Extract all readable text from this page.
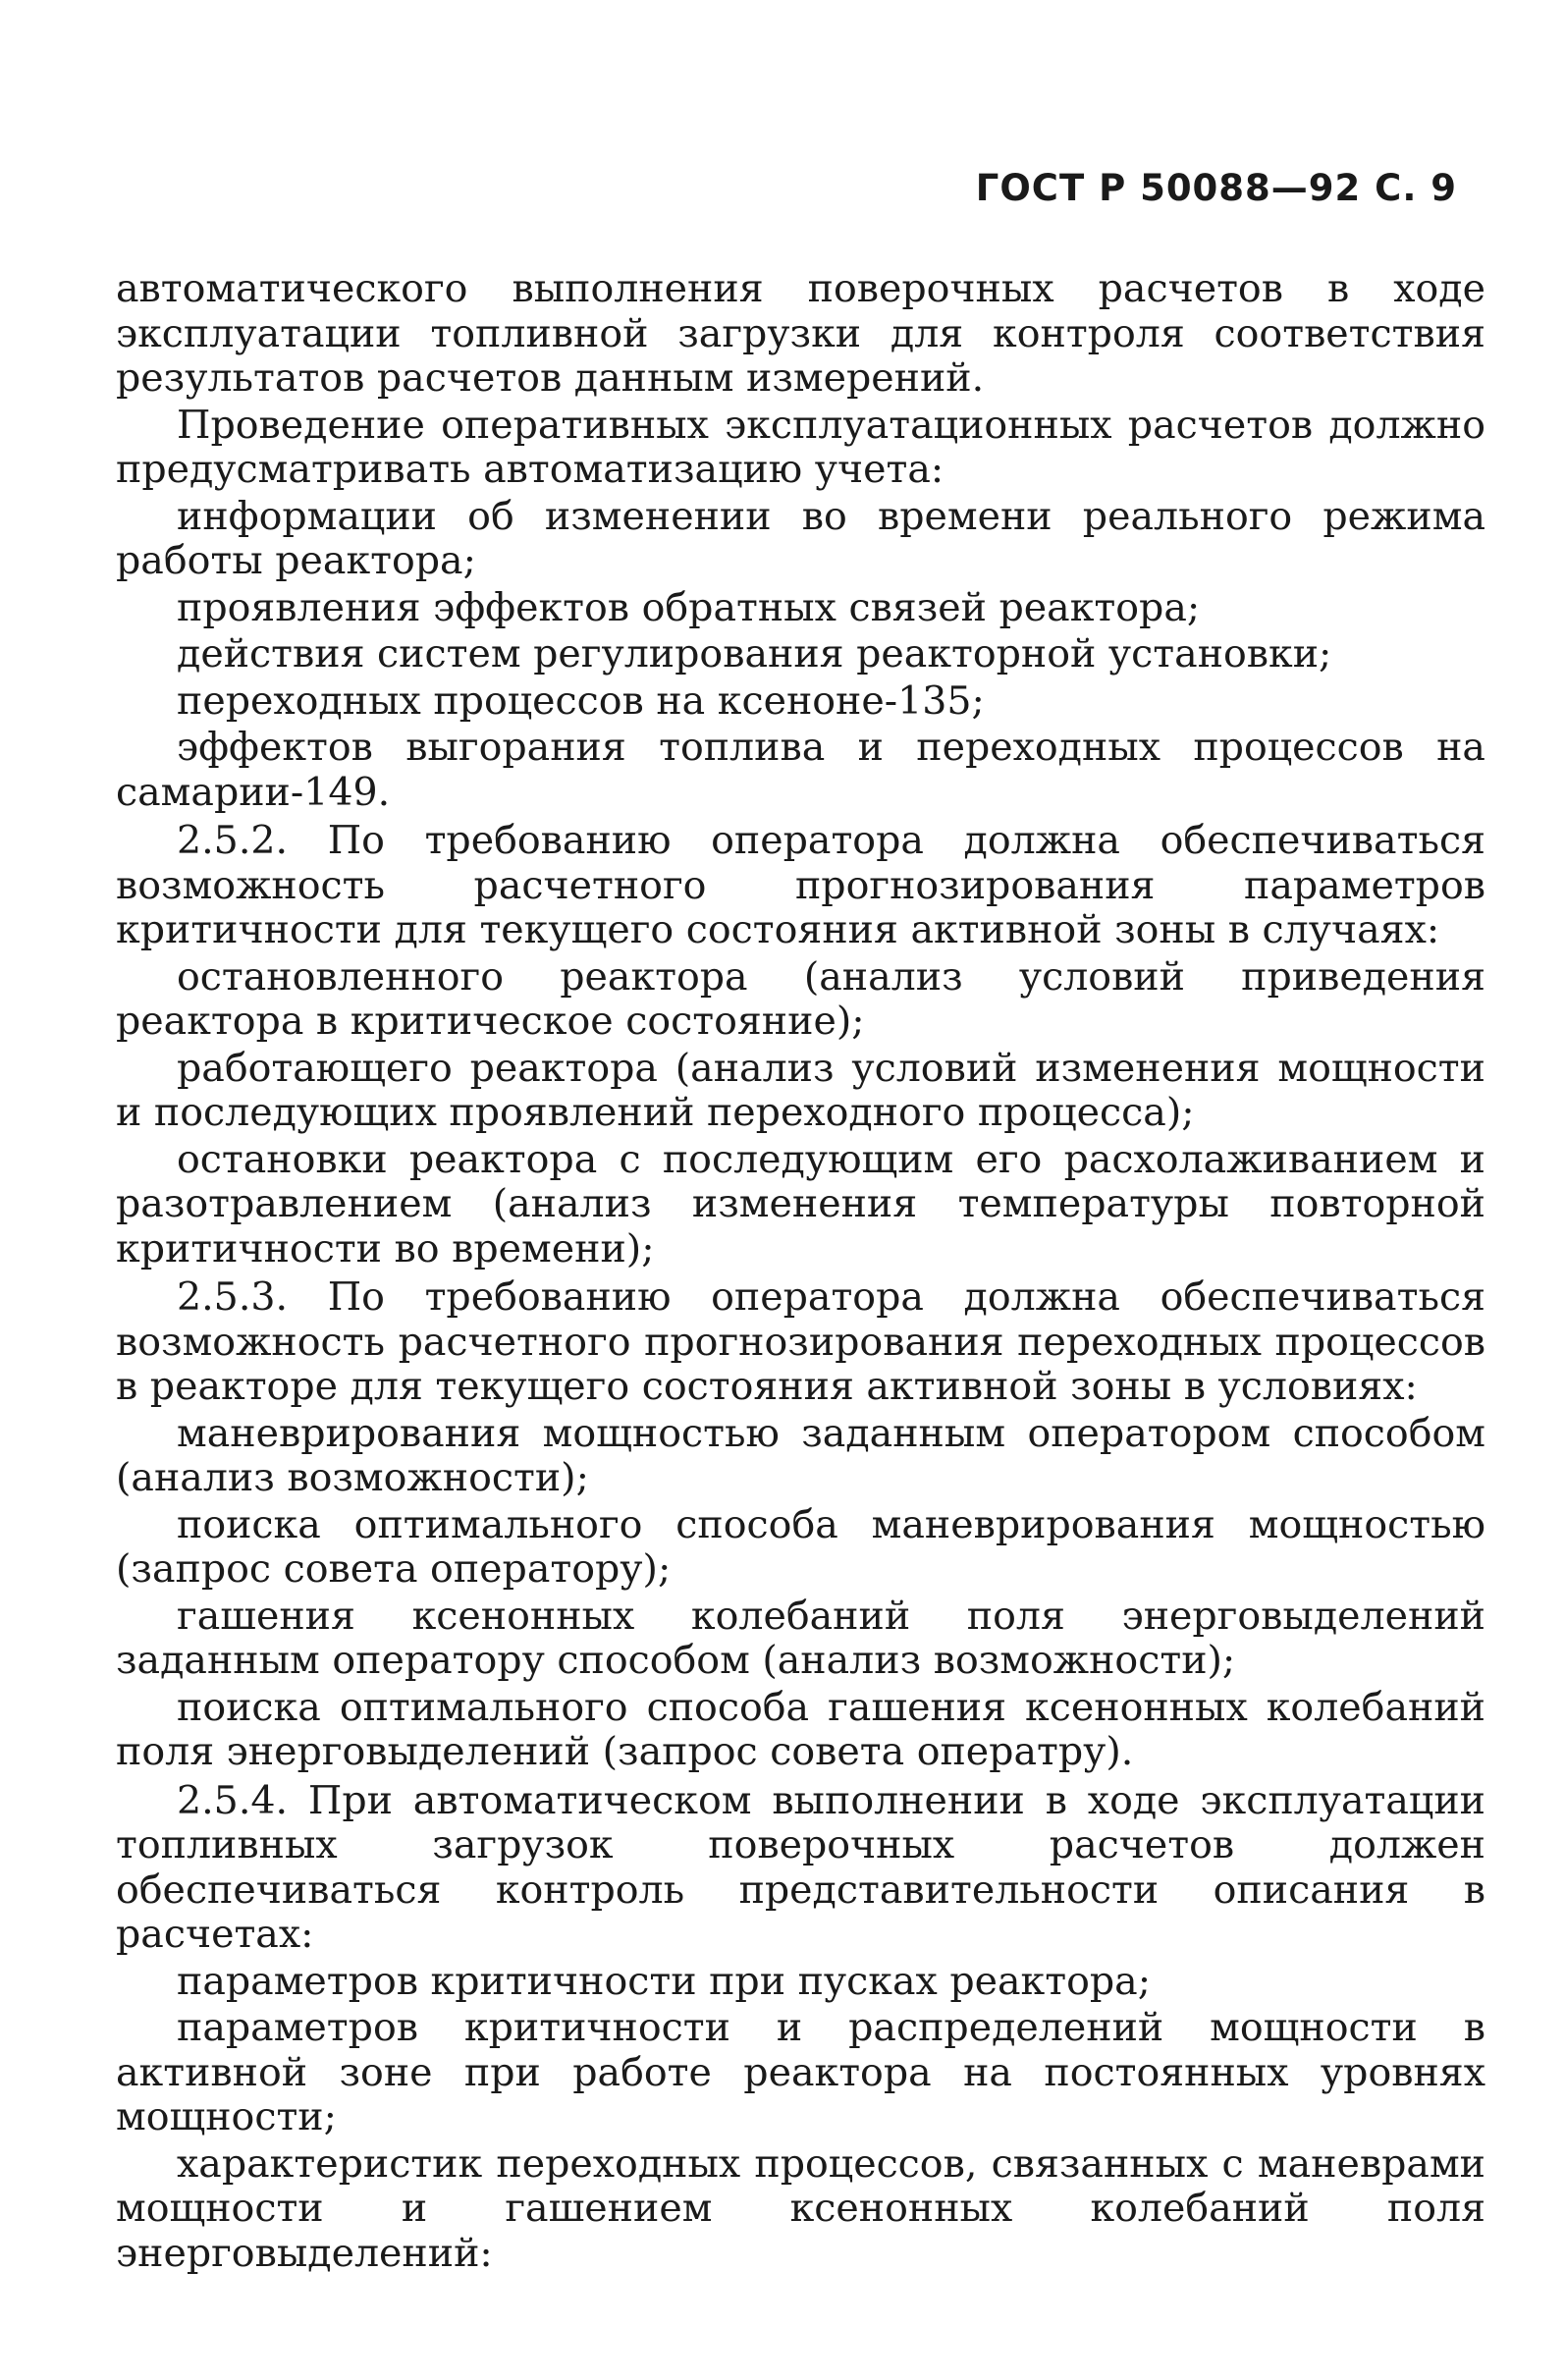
ГОСТ Р 50088—92 С. 9

автоматического выполнения поверочных расчетов в ходе эксплуатации топливной загрузки для контроля соответствия результатов расчетов данным измерений.

Проведение оперативных эксплуатационных расчетов должно предусматривать автоматизацию учета:

информации об изменении во времени реального режима работы реактора;

проявления эффектов обратных связей реактора;

действия систем регулирования реакторной установки;

переходных процессов на ксеноне-135;

эффектов выгорания топлива и переходных процессов на самарии-149.

2.5.2. По требованию оператора должна обеспечиваться возможность расчетного прогнозирования параметров критичности для текущего состояния активной зоны в случаях:

остановленного реактора (анализ условий приведения реактора в критическое состояние);

работающего реактора (анализ условий изменения мощности и последующих проявлений переходного процесса);

остановки реактора с последующим его расхолаживанием и разотравлением (анализ изменения температуры повторной критичности во времени);

2.5.3. По требованию оператора должна обеспечиваться возможность расчетного прогнозирования переходных процессов в реакторе для текущего состояния активной зоны в условиях:

маневрирования мощностью заданным оператором способом (анализ возможности);

поиска оптимального способа маневрирования мощностью (запрос совета оператору);

гашения ксенонных колебаний поля энерговыделений заданным оператору способом (анализ возможности);

поиска оптимального способа гашения ксенонных колебаний поля энерговыделений (запрос совета оперaтру).

2.5.4. При автоматическом выполнении в ходе эксплуатации топливных загрузок поверочных расчетов должен обеспечиваться контроль представительности описания в расчетах:

параметров критичности при пусках реактора;

параметров критичности и распределений мощности в активной зоне при работе реактора на постоянных уровнях мощности;

характеристик переходных процессов, связанных с маневрами мощности и гашением ксенонных колебаний поля энерговыделений:
